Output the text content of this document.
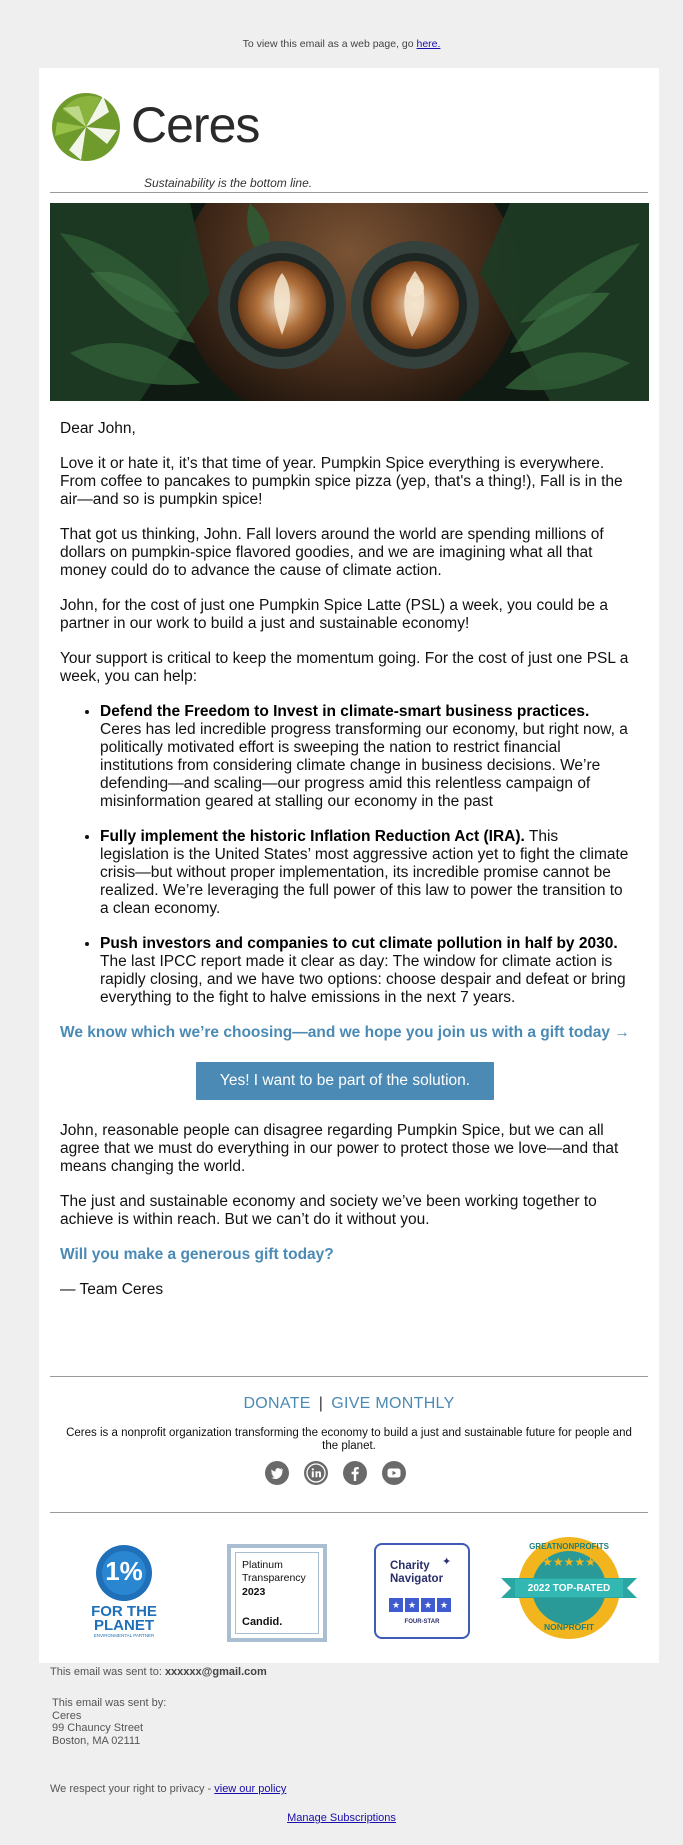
To view this email as a web page, go here.
Ceres
Sustainability is the bottom line.

Dear John,

Love it or hate it, it’s that time of year. Pumpkin Spice everything is everywhere. From coffee to pancakes to pumpkin spice pizza (yep, that's a thing!), Fall is in the air—and so is pumpkin spice!

That got us thinking, John. Fall lovers around the world are spending millions of dollars on pumpkin-spice flavored goodies, and we are imagining what all that money could do to advance the cause of climate action.

John, for the cost of just one Pumpkin Spice Latte (PSL) a week, you could be a partner in our work to build a just and sustainable economy!

Your support is critical to keep the momentum going. For the cost of just one PSL a week, you can help:

• Defend the Freedom to Invest in climate-smart business practices. Ceres has led incredible progress transforming our economy, but right now, a politically motivated effort is sweeping the nation to restrict financial institutions from considering climate change in business decisions. We’re defending—and scaling—our progress amid this relentless campaign of misinformation geared at stalling our economy in the past
• Fully implement the historic Inflation Reduction Act (IRA). This legislation is the United States’ most aggressive action yet to fight the climate crisis—but without proper implementation, its incredible promise cannot be realized. We’re leveraging the full power of this law to power the transition to a clean economy.
• Push investors and companies to cut climate pollution in half by 2030. The last IPCC report made it clear as day: The window for climate action is rapidly closing, and we have two options: choose despair and defeat or bring everything to the fight to halve emissions in the next 7 years.
We know which we’re choosing—and we hope you join us with a gift today →
Yes! I want to be part of the solution.

John, reasonable people can disagree regarding Pumpkin Spice, but we can all agree that we must do everything in our power to protect those we love—and that means changing the world.

The just and sustainable economy and society we’ve been working together to achieve is within reach. But we can’t do it without you.

Will you make a generous gift today?

— Team Ceres

DONATE | GIVE MONTHLY
Ceres is a nonprofit organization transforming the economy to build a just and sustainable future for people and the planet.
1%
FOR THE
PLANET
ENVIRONMENTAL PARTNER
Platinum
Transparency
2023
Candid.
Charity
Navigator
✦
★ ★ ★ ★
FOUR-STAR
★★★★★
GREATNONPROFITS
2022 TOP-RATED
NONPROFIT
This email was sent to: xxxxxx@gmail.com
This email was sent by:
Ceres
99 Chauncy Street
Boston, MA 02111
We respect your right to privacy - view our policy
Manage Subscriptions
